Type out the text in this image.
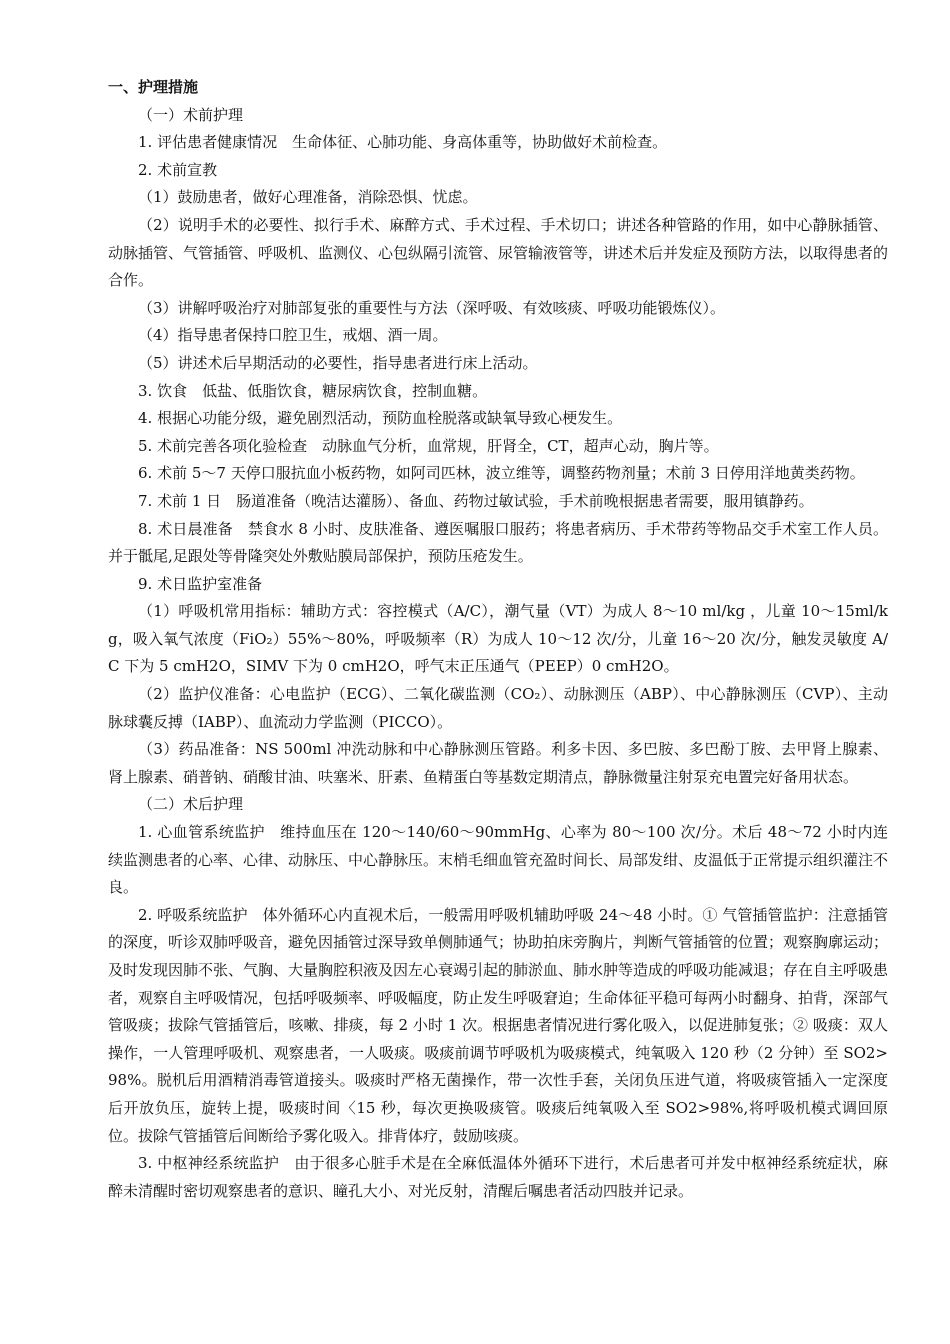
一、护理措施

（一）术前护理

1. 评估患者健康情况　生命体征、心肺功能、身高体重等，协助做好术前检查。

2. 术前宣教

（1）鼓励患者，做好心理准备，消除恐惧、忧虑。

（2）说明手术的必要性、拟行手术、麻醉方式、手术过程、手术切口；讲述各种管路的作用，如中心静脉插管、动脉插管、气管插管、呼吸机、监测仪、心包纵隔引流管、尿管输液管等，讲述术后并发症及预防方法，以取得患者的合作。

（3）讲解呼吸治疗对肺部复张的重要性与方法（深呼吸、有效咳痰、呼吸功能锻炼仪）。

（4）指导患者保持口腔卫生，戒烟、酒一周。

（5）讲述术后早期活动的必要性，指导患者进行床上活动。

3. 饮食　低盐、低脂饮食，糖尿病饮食，控制血糖。

4. 根据心功能分级，避免剧烈活动，预防血栓脱落或缺氧导致心梗发生。

5. 术前完善各项化验检查　动脉血气分析，血常规，肝肾全，CT，超声心动，胸片等。

6. 术前 5～7 天停口服抗血小板药物，如阿司匹林，波立维等，调整药物剂量；术前 3 日停用洋地黄类药物。

7. 术前 1 日　肠道准备（晚洁达灌肠）、备血、药物过敏试验，手术前晚根据患者需要，服用镇静药。

8. 术日晨准备　禁食水 8 小时、皮肤准备、遵医嘱服口服药；将患者病历、手术带药等物品交手术室工作人员。并于骶尾,足跟处等骨隆突处外敷贴膜局部保护，预防压疮发生。

9. 术日监护室准备

（1）呼吸机常用指标：辅助方式：容控模式（A/C），潮气量（VT）为成人 8～10 ml/kg ，儿童 10～15ml/kg，吸入氧气浓度（FiO₂）55%～80%，呼吸频率（R）为成人 10～12 次/分，儿童 16～20 次/分，触发灵敏度 A/C 下为 5 cmH2O，SIMV 下为 0 cmH2O，呼气末正压通气（PEEP）0 cmH2O。

（2）监护仪准备：心电监护（ECG）、二氧化碳监测（CO₂）、动脉测压（ABP）、中心静脉测压（CVP）、主动脉球囊反搏（IABP）、血流动力学监测（PICCO）。

（3）药品准备：NS 500ml 冲洗动脉和中心静脉测压管路。利多卡因、多巴胺、多巴酚丁胺、去甲肾上腺素、肾上腺素、硝普钠、硝酸甘油、呋塞米、肝素、鱼精蛋白等基数定期清点，静脉微量注射泵充电置完好备用状态。

（二）术后护理

1. 心血管系统监护　维持血压在 120～140/60～90mmHg、心率为 80～100 次/分。术后 48～72 小时内连续监测患者的心率、心律、动脉压、中心静脉压。末梢毛细血管充盈时间长、局部发绀、皮温低于正常提示组织灌注不良。

2. 呼吸系统监护　体外循环心内直视术后，一般需用呼吸机辅助呼吸 24～48 小时。① 气管插管监护：注意插管的深度，听诊双肺呼吸音，避免因插管过深导致单侧肺通气；协助拍床旁胸片，判断气管插管的位置；观察胸廓运动；及时发现因肺不张、气胸、大量胸腔积液及因左心衰竭引起的肺淤血、肺水肿等造成的呼吸功能减退；存在自主呼吸患者，观察自主呼吸情况，包括呼吸频率、呼吸幅度，防止发生呼吸窘迫；生命体征平稳可每两小时翻身、拍背，深部气管吸痰；拔除气管插管后，咳嗽、排痰，每 2 小时 1 次。根据患者情况进行雾化吸入，以促进肺复张；② 吸痰：双人操作，一人管理呼吸机、观察患者，一人吸痰。吸痰前调节呼吸机为吸痰模式，纯氧吸入 120 秒（2 分钟）至 SO2>98%。脱机后用酒精消毒管道接头。吸痰时严格无菌操作，带一次性手套，关闭负压进气道，将吸痰管插入一定深度后开放负压，旋转上提，吸痰时间〈15 秒，每次更换吸痰管。吸痰后纯氧吸入至 SO2>98%,将呼吸机模式调回原位。拔除气管插管后间断给予雾化吸入。排背体疗，鼓励咳痰。

3. 中枢神经系统监护　由于很多心脏手术是在全麻低温体外循环下进行，术后患者可并发中枢神经系统症状，麻醉未清醒时密切观察患者的意识、瞳孔大小、对光反射，清醒后嘱患者活动四肢并记录。
